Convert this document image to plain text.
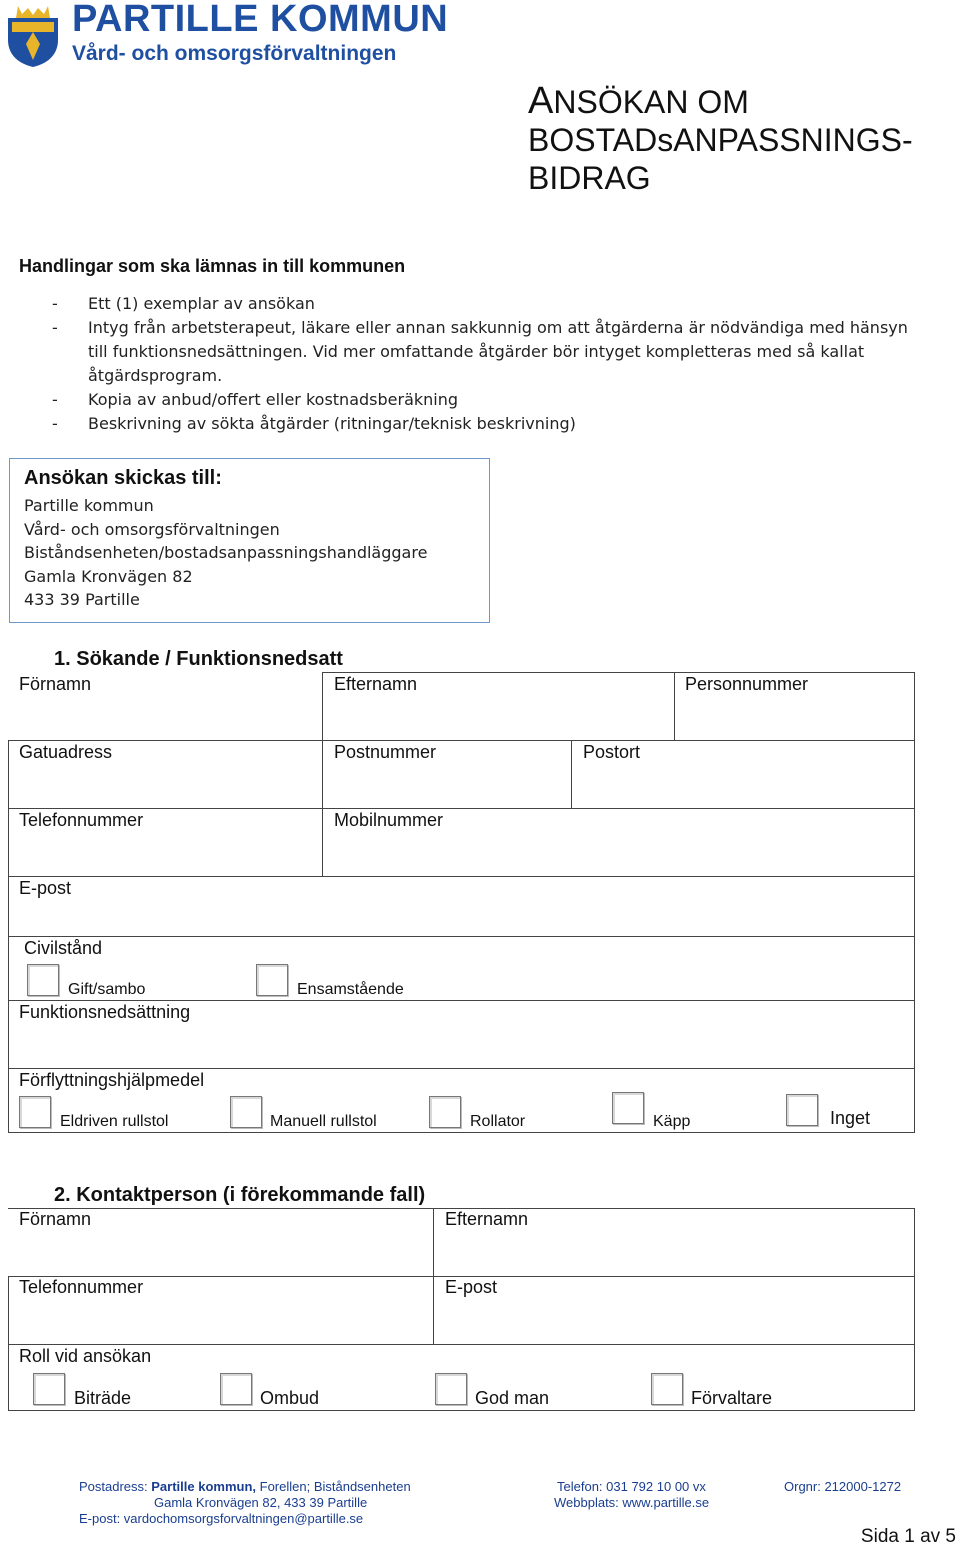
PARTILLE KOMMUN
Vård- och omsorgsförvaltningen
ANSÖKAN OM
BOSTADsANPASSNINGS-
BIDRAG
Handlingar som ska lämnas in till kommunen
-	Ett (1) exemplar av ansökan
-	Intyg från arbetsterapeut, läkare eller annan sakkunnig om att åtgärderna är nödvändiga med hänsyn till funktionsnedsättningen. Vid mer omfattande åtgärder bör intyget kompletteras med så kallat åtgärdsprogram.
-	Kopia av anbud/offert eller kostnadsberäkning
-	Beskrivning av sökta åtgärder (ritningar/teknisk beskrivning)
Ansökan skickas till:
Partille kommun
Vård- och omsorgsförvaltningen
Biståndsenheten/bostadsanpassningshandläggare
Gamla Kronvägen 82
433 39 Partille
1. Sökande / Funktionsnedsatt
Förnamn	Efternamn	Personnummer
Gatuadress	Postnummer	Postort
Telefonnummer	Mobilnummer
E-post
Civilstånd
Gift/sambo	Ensamstående
Funktionsnedsättning
Förflyttningshjälpmedel
Eldriven rullstol	Manuell rullstol	Rollator	Käpp	Inget
2. Kontaktperson (i förekommande fall)
Förnamn	Efternamn
Telefonnummer	E-post
Roll vid ansökan
Biträde	Ombud	God man	Förvaltare
Postadress: Partille kommun, Forellen; Biståndsenheten
Gamla Kronvägen 82, 433 39 Partille
E-post: vardochomsorgsforvaltningen@partille.se
Telefon: 031 792 10 00 vx
Webbplats: www.partille.se
Orgnr: 212000-1272
Sida 1 av 5
